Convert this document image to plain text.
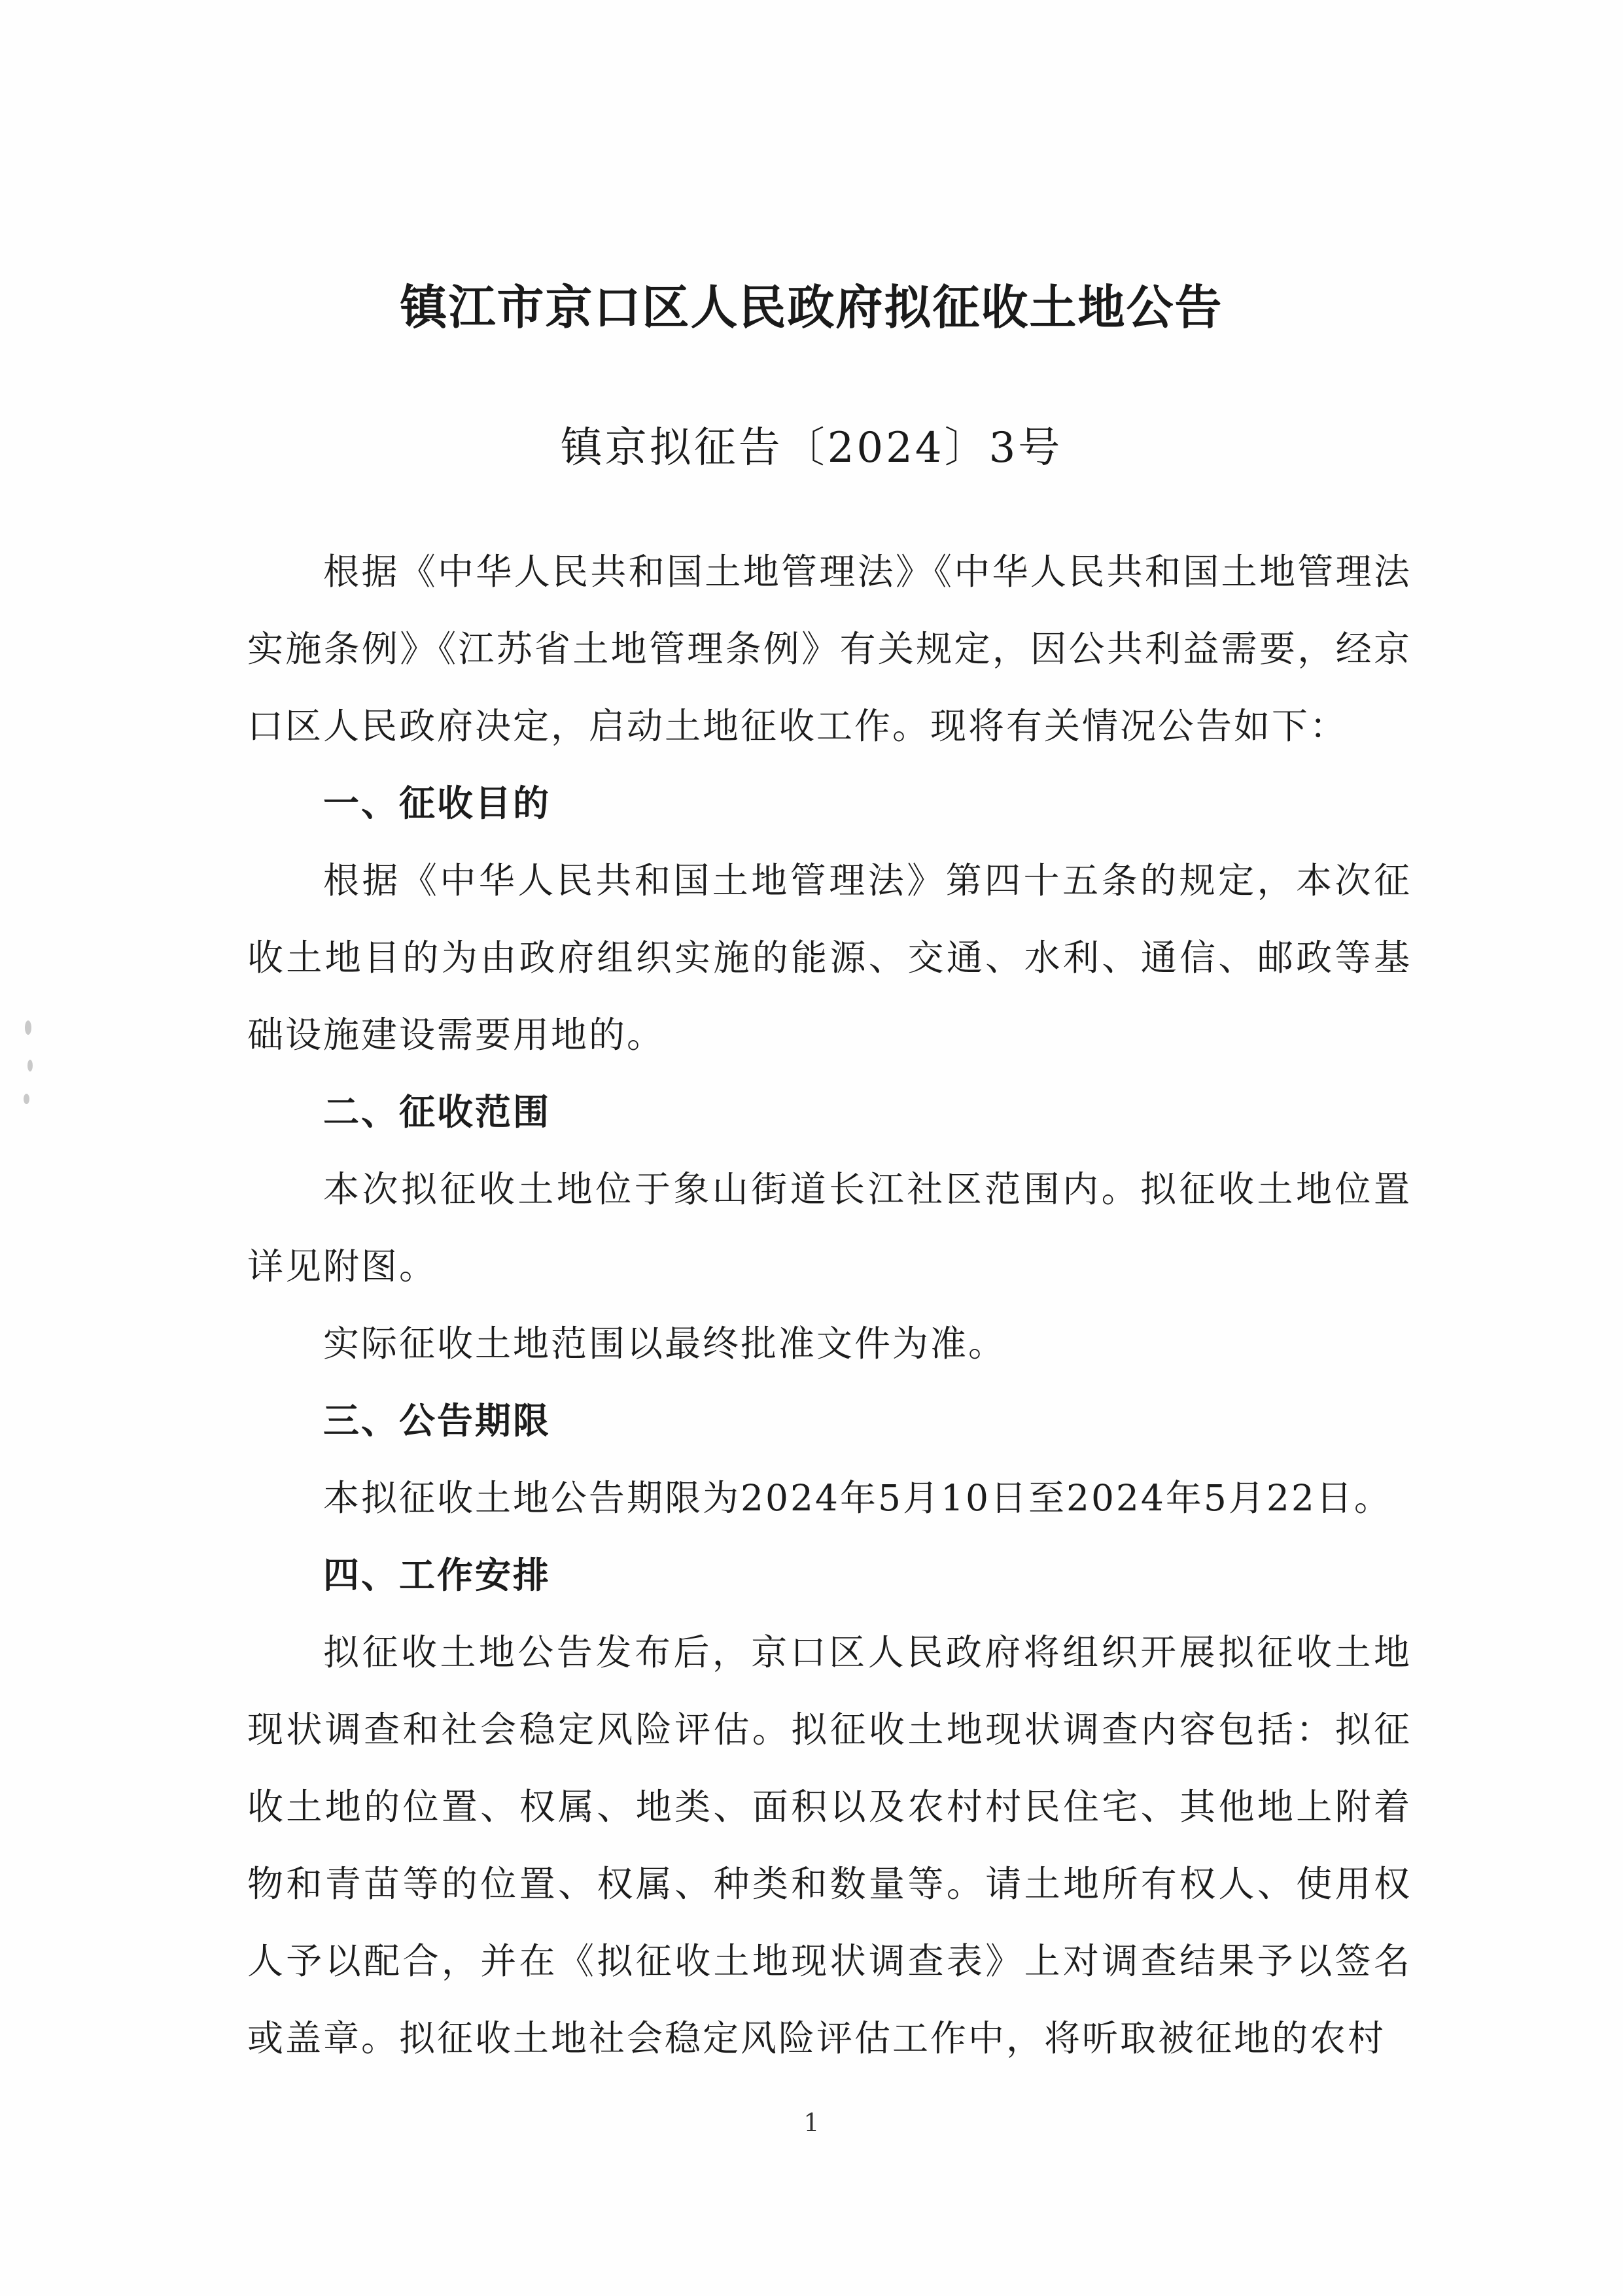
镇江市京口区人民政府拟征收土地公告
镇京拟征告〔2024〕3号

根据《中华人民共和国土地管理法》《中华人民共和国土地管理法实施条例》《江苏省土地管理条例》有关规定，因公共利益需要，经京口区人民政府决定，启动土地征收工作。现将有关情况公告如下：

一、征收目的

根据《中华人民共和国土地管理法》第四十五条的规定，本次征收土地目的为由政府组织实施的能源、交通、水利、通信、邮政等基础设施建设需要用地的。

二、征收范围

本次拟征收土地位于象山街道长江社区范围内。拟征收土地位置详见附图。

实际征收土地范围以最终批准文件为准。

三、公告期限

本拟征收土地公告期限为2024年5月10日至2024年5月22日。

四、工作安排

拟征收土地公告发布后，京口区人民政府将组织开展拟征收土地现状调查和社会稳定风险评估。拟征收土地现状调查内容包括：拟征收土地的位置、权属、地类、面积以及农村村民住宅、其他地上附着物和青苗等的位置、权属、种类和数量等。请土地所有权人、使用权人予以配合，并在《拟征收土地现状调查表》上对调查结果予以签名或盖章。拟征收土地社会稳定风险评估工作中，将听取被征地的农村

1
